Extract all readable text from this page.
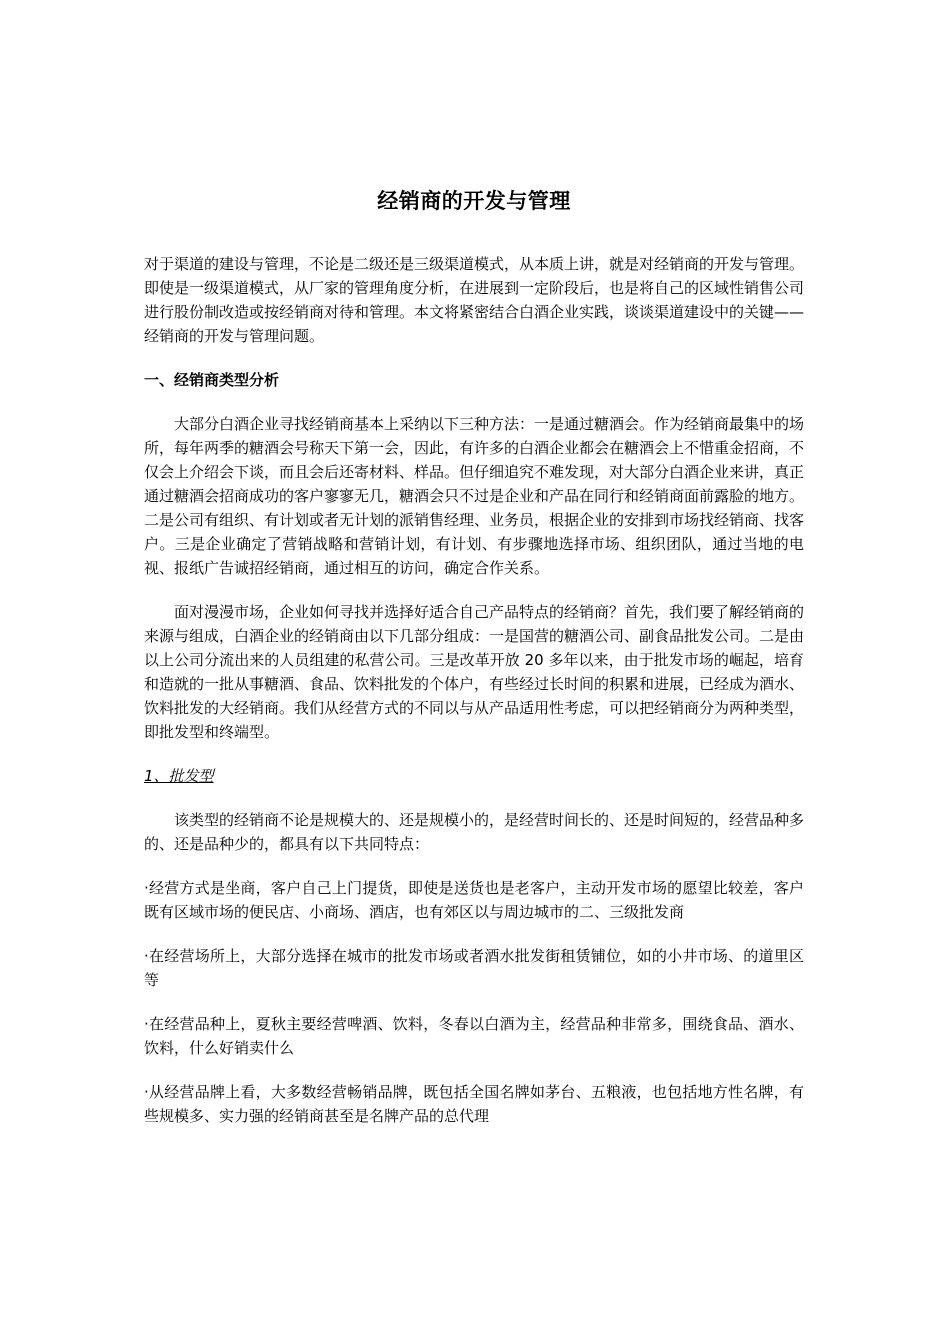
经销商的开发与管理

对于渠道的建设与管理，不论是二级还是三级渠道模式，从本质上讲，就是对经销商的开发与管理。即使是一级渠道模式，从厂家的管理角度分析，在进展到一定阶段后，也是将自己的区域性销售公司进行股份制改造或按经销商对待和管理。本文将紧密结合白酒企业实践，谈谈渠道建设中的关键——经销商的开发与管理问题。

一、经销商类型分析

大部分白酒企业寻找经销商基本上采纳以下三种方法：一是通过糖酒会。作为经销商最集中的场所，每年两季的糖酒会号称天下第一会，因此，有许多的白酒企业都会在糖酒会上不惜重金招商，不仅会上介绍会下谈，而且会后还寄材料、样品。但仔细追究不难发现，对大部分白酒企业来讲，真正通过糖酒会招商成功的客户寥寥无几，糖酒会只不过是企业和产品在同行和经销商面前露脸的地方。二是公司有组织、有计划或者无计划的派销售经理、业务员，根据企业的安排到市场找经销商、找客户。三是企业确定了营销战略和营销计划，有计划、有步骤地选择市场、组织团队，通过当地的电视、报纸广告诚招经销商，通过相互的访问，确定合作关系。

面对漫漫市场，企业如何寻找并选择好适合自己产品特点的经销商？首先，我们要了解经销商的来源与组成，白酒企业的经销商由以下几部分组成：一是国营的糖酒公司、副食品批发公司。二是由以上公司分流出来的人员组建的私营公司。三是改革开放 20 多年以来，由于批发市场的崛起，培育和造就的一批从事糖酒、食品、饮料批发的个体户，有些经过长时间的积累和进展，已经成为酒水、饮料批发的大经销商。我们从经营方式的不同以与从产品适用性考虑，可以把经销商分为两种类型，即批发型和终端型。

1、批发型

该类型的经销商不论是规模大的、还是规模小的，是经营时间长的、还是时间短的，经营品种多的、还是品种少的，都具有以下共同特点：

·经营方式是坐商，客户自己上门提货，即使是送货也是老客户，主动开发市场的愿望比较差，客户既有区域市场的便民店、小商场、酒店，也有郊区以与周边城市的二、三级批发商

·在经营场所上，大部分选择在城市的批发市场或者酒水批发街租赁铺位，如的小井市场、的道里区等

·在经营品种上，夏秋主要经营啤酒、饮料，冬春以白酒为主，经营品种非常多，围绕食品、酒水、饮料，什么好销卖什么

·从经营品牌上看，大多数经营畅销品牌，既包括全国名牌如茅台、五粮液，也包括地方性名牌，有些规模多、实力强的经销商甚至是名牌产品的总代理
